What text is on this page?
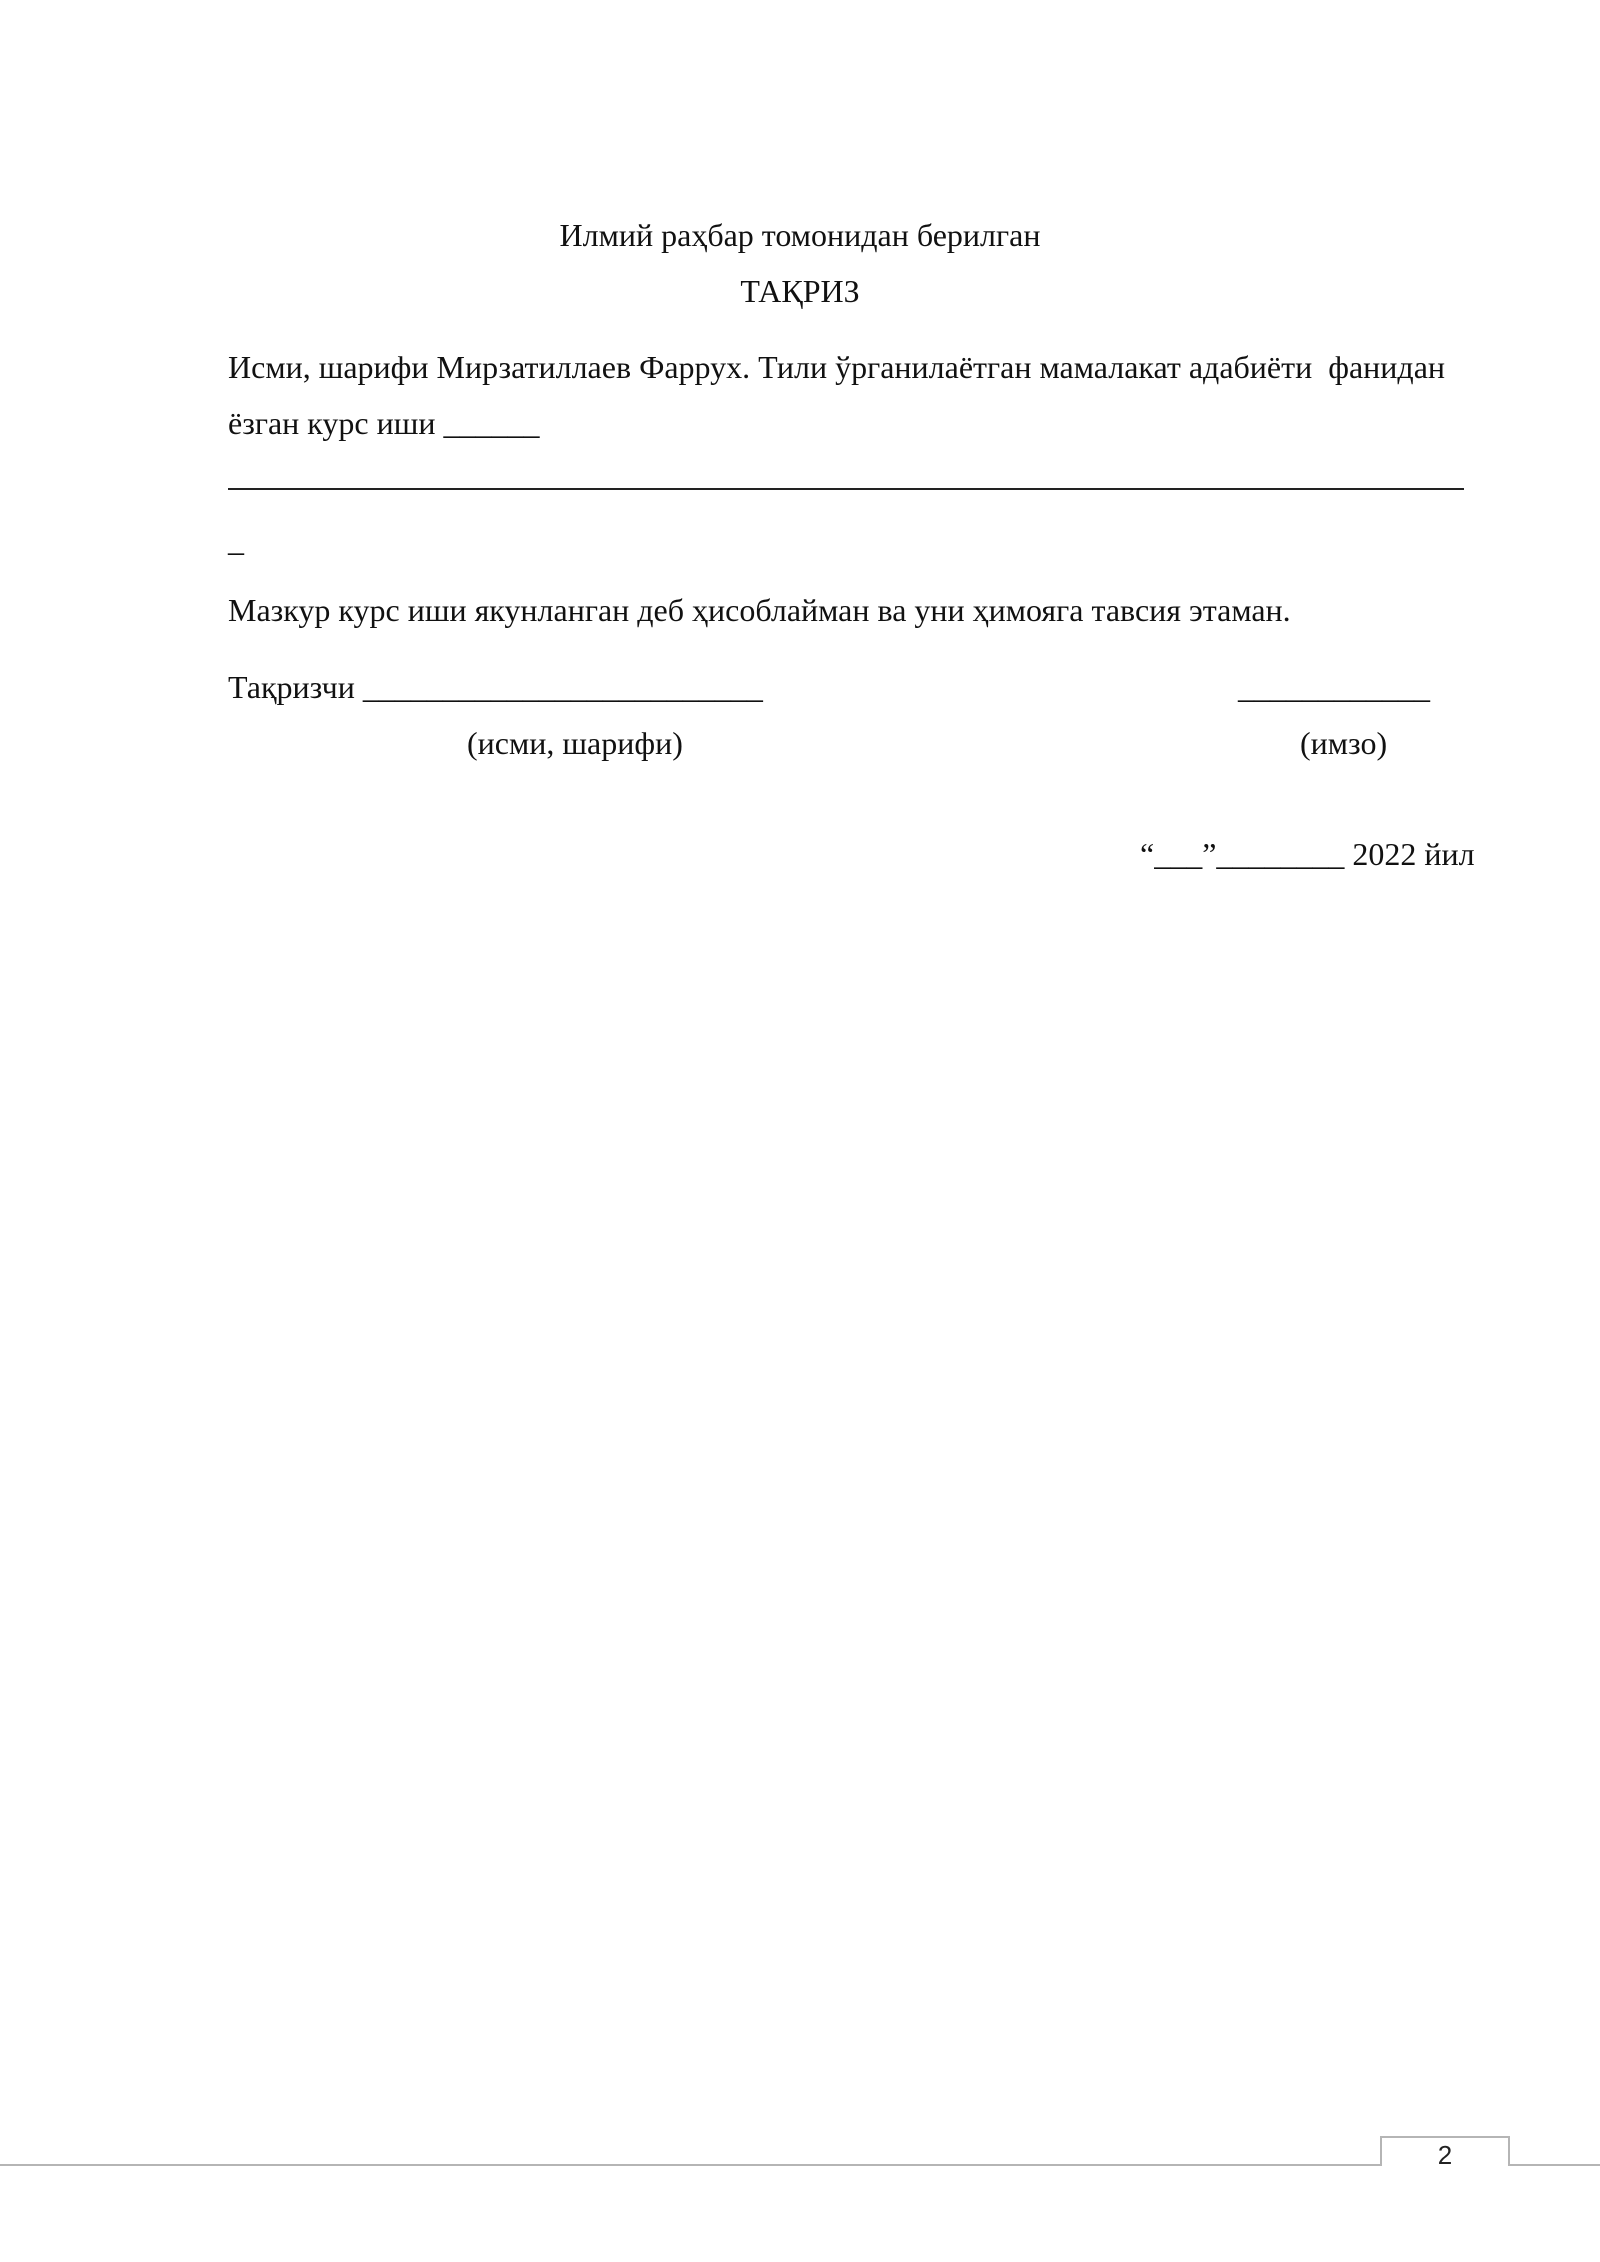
Илмий раҳбар томонидан берилган
ТАҚРИЗ
Исми, шарифи Мирзатиллаев Фаррух. Тили ўрганилаётган мамалакат адабиёти  фанидан
ёзган курс иши ______
_
Мазкур курс иши якунланган деб ҳисоблайман ва уни ҳимояга тавсия этаман.
Тақризчи _________________________	____________
(исми, шарифи)	(имзо)
“___”________ 2022 йил
2
